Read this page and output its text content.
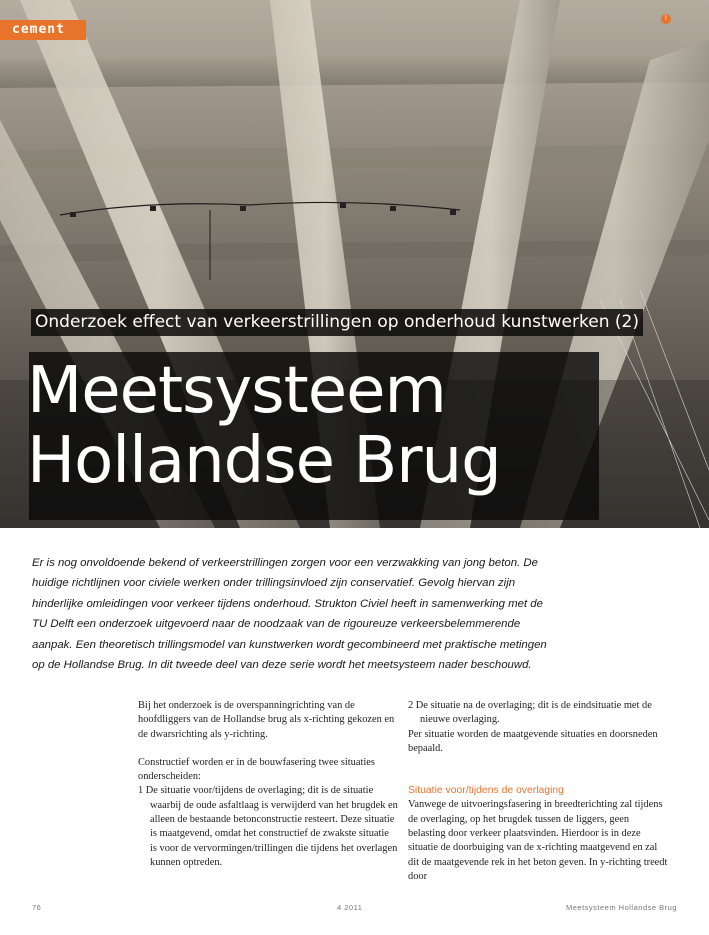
cement
!
Onderzoek effect van verkeerstrillingen op onderhoud kunstwerken (2)
Meetsysteem
Hollandse Brug
Er is nog onvoldoende bekend of verkeerstrillingen zorgen voor een verzwakking van jong beton. De huidige richtlijnen voor civiele werken onder trillingsinvloed zijn conservatief. Gevolg hiervan zijn hinderlijke omleidingen voor verkeer tijdens onderhoud. Strukton Civiel heeft in samenwerking met de TU Delft een onderzoek uitgevoerd naar de noodzaak van de rigoureuze verkeersbelemmerende aanpak. Een theoretisch trillingsmodel van kunstwerken wordt gecombineerd met praktische metingen op de Hollandse Brug. In dit tweede deel van deze serie wordt het meetsysteem nader beschouwd.

Bij het onderzoek is de overspanningrichting van de hoofdliggers van de Hollandse brug als x-richting gekozen en de dwarsrichting als y-richting.

Constructief worden er in de bouwfasering twee situaties onderscheiden:

1 De situatie voor/tijdens de overlaging; dit is de situatie waarbij de oude asfaltlaag is verwijderd van het brugdek en alleen de bestaande betonconstructie resteert. Deze situatie is maatgevend, omdat het constructief de zwakste situatie is voor de vervormingen/trillingen die tijdens het overlagen kunnen optreden.

2 De situatie na de overlaging; dit is de eindsituatie met de nieuwe overlaging.

Per situatie worden de maatgevende situaties en doorsneden bepaald.

Situatie voor/tijdens de overlaging

Vanwege de uitvoeringsfasering in breedterichting zal tijdens de overlaging, op het brugdek tussen de liggers, geen belasting door verkeer plaatsvinden. Hierdoor is in deze situatie de doorbuiging van de x-richting maatgevend en zal dit de maatgevende rek in het beton geven. In y-richting treedt door

76	4 2011	Meetsysteem Hollandse Brug
